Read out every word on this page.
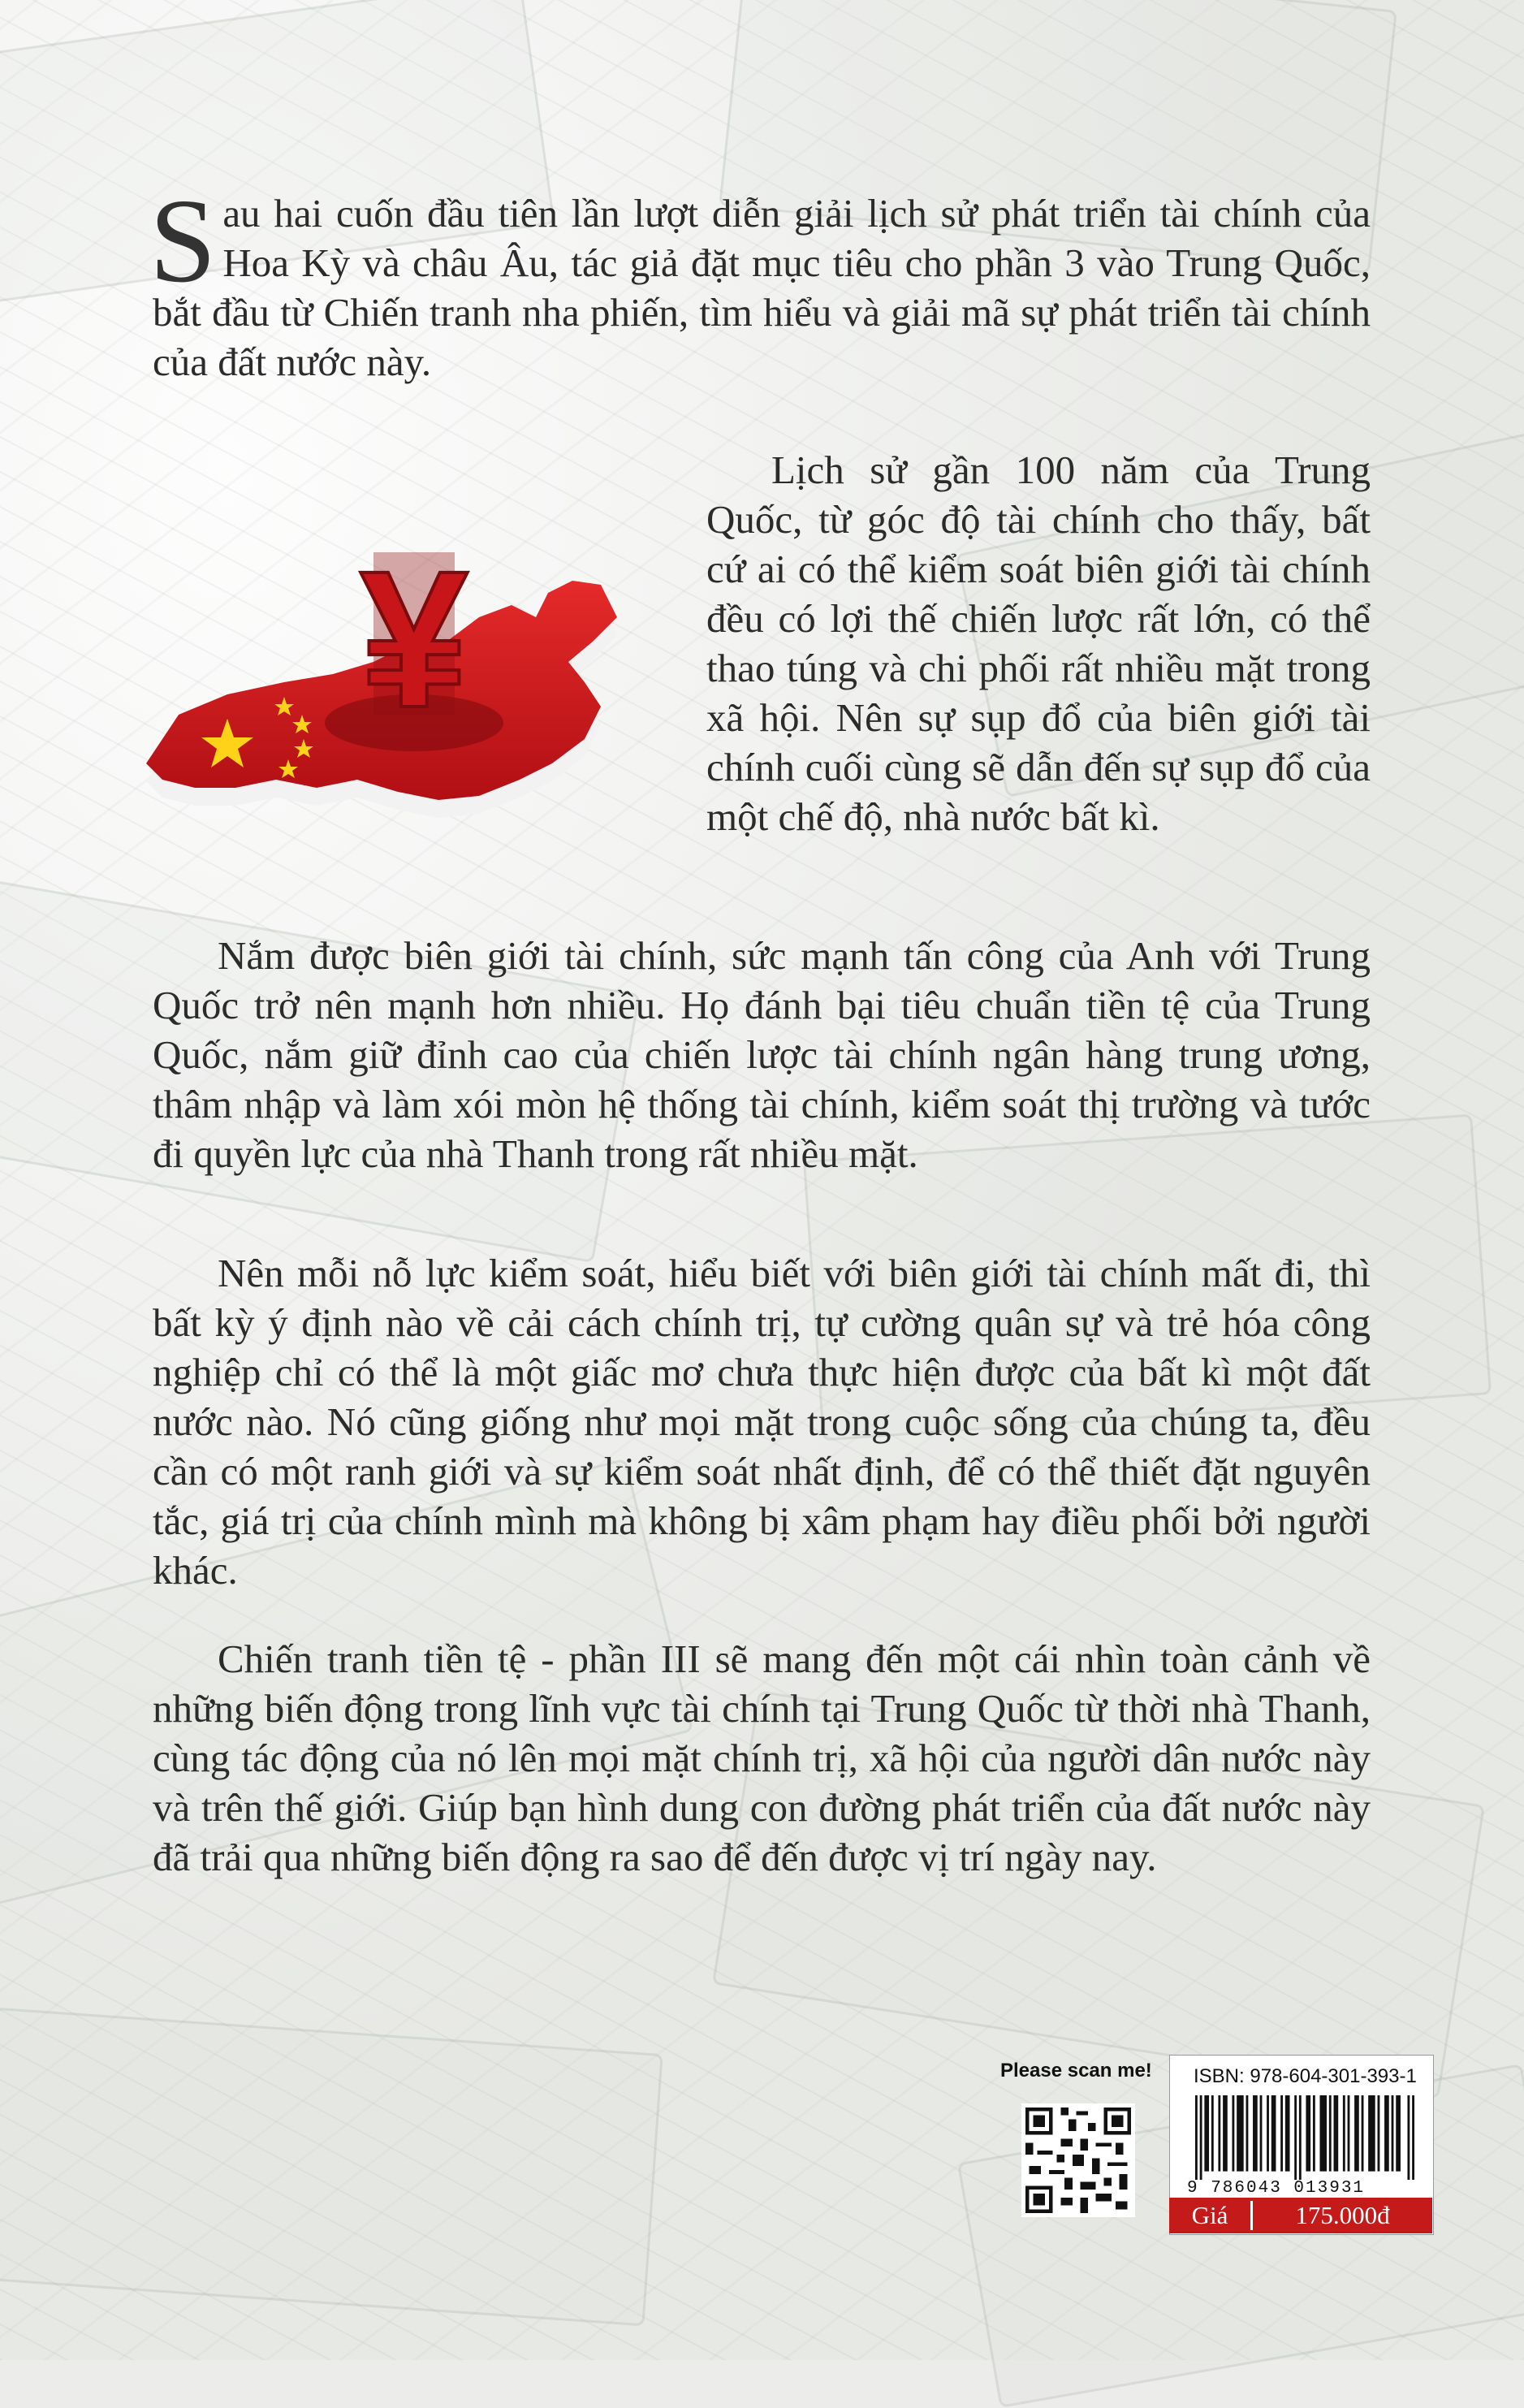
Sau hai cuốn đầu tiên lần lượt diễn giải lịch sử phát triển tài chính của Hoa Kỳ và châu Âu, tác giả đặt mục tiêu cho phần 3 vào Trung Quốc, bắt đầu từ Chiến tranh nha phiến, tìm hiểu và giải mã sự phát triển tài chính của đất nước này.

¥

Lịch sử gần 100 năm của Trung Quốc, từ góc độ tài chính cho thấy, bất cứ ai có thể kiểm soát biên giới tài chính đều có lợi thế chiến lược rất lớn, có thể thao túng và chi phối rất nhiều mặt trong xã hội. Nên sự sụp đổ của biên giới tài chính cuối cùng sẽ dẫn đến sự sụp đổ của một chế độ, nhà nước bất kì.

Nắm được biên giới tài chính, sức mạnh tấn công của Anh với Trung Quốc trở nên mạnh hơn nhiều. Họ đánh bại tiêu chuẩn tiền tệ của Trung Quốc, nắm giữ đỉnh cao của chiến lược tài chính ngân hàng trung ương, thâm nhập và làm xói mòn hệ thống tài chính, kiểm soát thị trường và tước đi quyền lực của nhà Thanh trong rất nhiều mặt.

Nên mỗi nỗ lực kiểm soát, hiểu biết với biên giới tài chính mất đi, thì bất kỳ ý định nào về cải cách chính trị, tự cường quân sự và trẻ hóa công nghiệp chỉ có thể là một giấc mơ chưa thực hiện được của bất kì một đất nước nào. Nó cũng giống như mọi mặt trong cuộc sống của chúng ta, đều cần có một ranh giới và sự kiểm soát nhất định, để có thể thiết đặt nguyên tắc, giá trị của chính mình mà không bị xâm phạm hay điều phối bởi người khác.

Chiến tranh tiền tệ - phần III sẽ mang đến một cái nhìn toàn cảnh về những biến động trong lĩnh vực tài chính tại Trung Quốc từ thời nhà Thanh, cùng tác động của nó lên mọi mặt chính trị, xã hội của người dân nước này và trên thế giới. Giúp bạn hình dung con đường phát triển của đất nước này đã trải qua những biến động ra sao để đến được vị trí ngày nay.

Please scan me! ISBN: 978-604-301-393-1
9 786043 013931
Giá	175.000đ
